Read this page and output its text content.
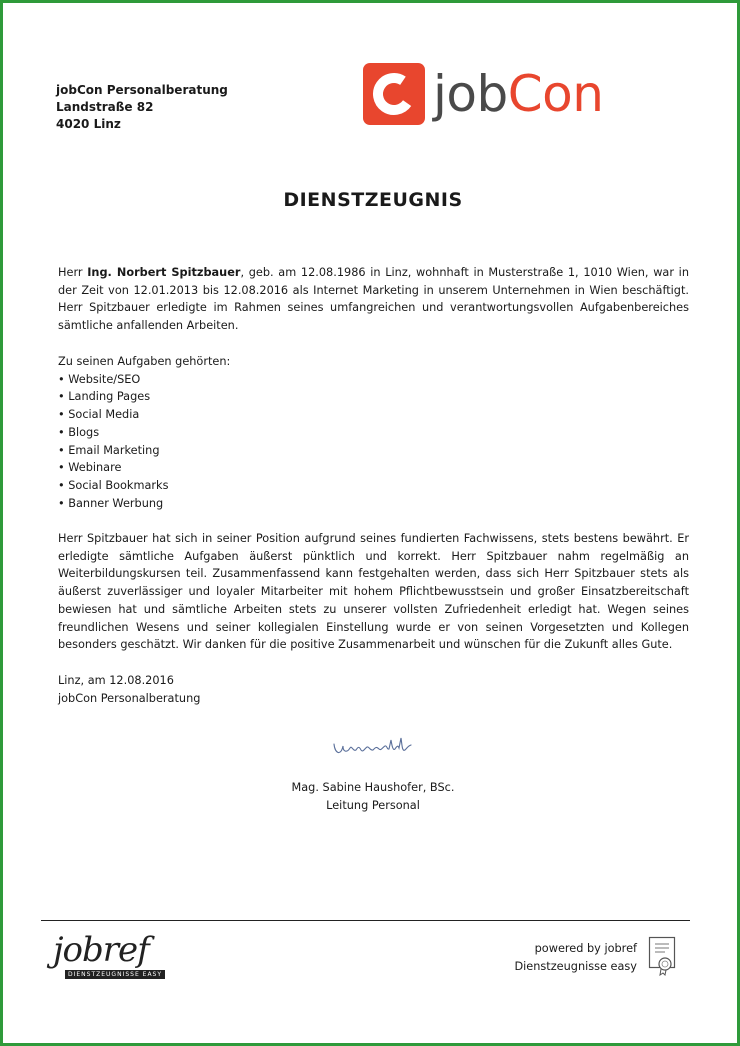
jobCon Personalberatung
Landstraße 82
4020 Linz
jobCon
DIENSTZEUGNIS
Herr Ing. Norbert Spitzbauer, geb. am 12.08.1986 in Linz, wohnhaft in Musterstraße 1, 1010 Wien, war in der Zeit von 12.01.2013 bis 12.08.2016 als Internet Marketing in unserem Unternehmen in Wien beschäftigt. Herr Spitzbauer erledigte im Rahmen seines umfangreichen und verantwortungsvollen Aufgabenbereiches sämtliche anfallenden Arbeiten.
Zu seinen Aufgaben gehörten:
• Website/SEO
• Landing Pages
• Social Media
• Blogs
• Email Marketing
• Webinare
• Social Bookmarks
• Banner Werbung
Herr Spitzbauer hat sich in seiner Position aufgrund seines fundierten Fachwissens, stets bestens bewährt. Er erledigte sämtliche Aufgaben äußerst pünktlich und korrekt. Herr Spitzbauer nahm regelmäßig an Weiterbildungskursen teil. Zusammenfassend kann festgehalten werden, dass sich Herr Spitzbauer stets als äußerst zuverlässiger und loyaler Mitarbeiter mit hohem Pflichtbewusstsein und großer Einsatzbereitschaft bewiesen hat und sämtliche Arbeiten stets zu unserer vollsten Zufriedenheit erledigt hat. Wegen seines freundlichen Wesens und seiner kollegialen Einstellung wurde er von seinen Vorgesetzten und Kollegen besonders geschätzt. Wir danken für die positive Zusammenarbeit und wünschen für die Zukunft alles Gute.
Linz, am 12.08.2016
jobCon Personalberatung
Mag. Sabine Haushofer, BSc.
Leitung Personal
jobref
DIENSTZEUGNISSE EASY
powered by jobref
Dienstzeugnisse easy
